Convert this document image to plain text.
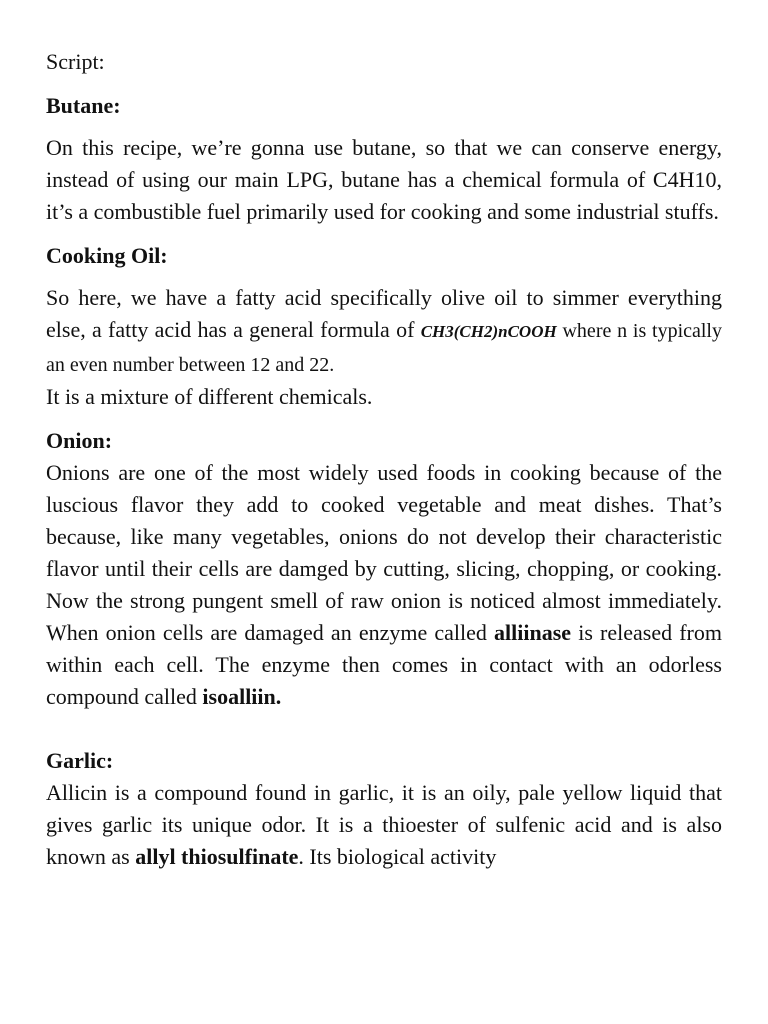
Script:

Butane:

On this recipe, we’re gonna use butane, so that we can conserve energy, instead of using our main LPG, butane has a chemical formula of C4H10, it’s a combustible fuel primarily used for cooking and some industrial stuffs.

Cooking Oil:

So here, we have a fatty acid specifically olive oil to simmer everything else, a fatty acid has a general formula of CH3(CH2)nCOOH where n is typically an even number between 12 and 22.

It is a mixture of different chemicals.

Onion:

Onions are one of the most widely used foods in cooking because of the luscious flavor they add to cooked vegetable and meat dishes. That’s because, like many vegetables, onions do not develop their characteristic flavor until their cells are damged by cutting, slicing, chopping, or cooking. Now the strong pungent smell of raw onion is noticed almost immediately. When onion cells are damaged an enzyme called alliinase is released from within each cell. The enzyme then comes in contact with an odorless compound called isoalliin.

Garlic:

Allicin is a compound found in garlic, it is an oily, pale yellow liquid that gives garlic its unique odor. It is a thioester of sulfenic acid and is also known as allyl thiosulfinate. Its biological activity
